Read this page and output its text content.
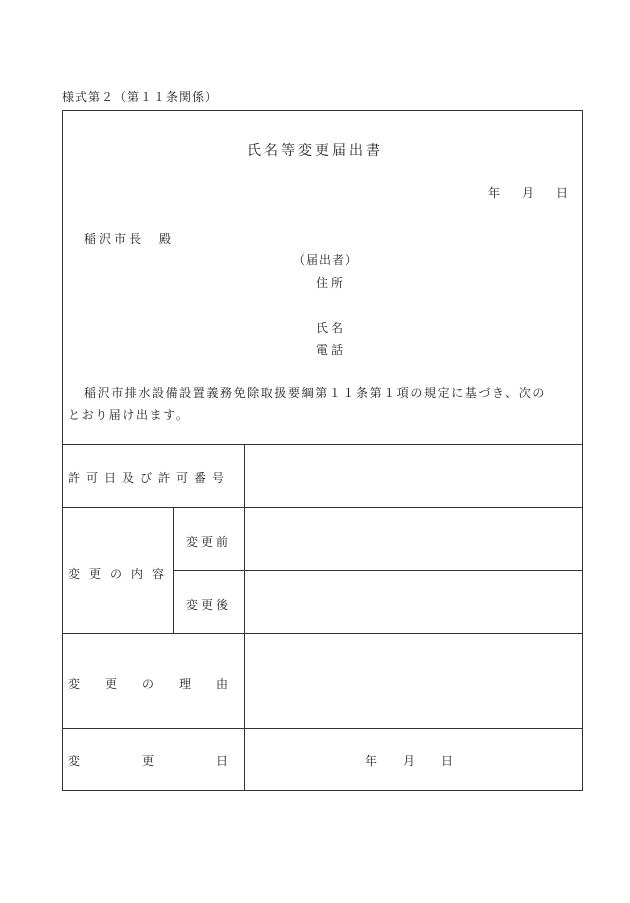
様式第２（第１１条関係）
氏名等変更届出書
年 月 日
稲沢市長　殿
（届出者）
住所
氏名
電話
稲沢市排水設備設置義務免除取扱要綱第１１条第１項の規定に基づき、次の
とおり届け出ます。
許可日及び許可番号
変更の内容
変更前
変更後
変更の理由
変更日	年 月 日
